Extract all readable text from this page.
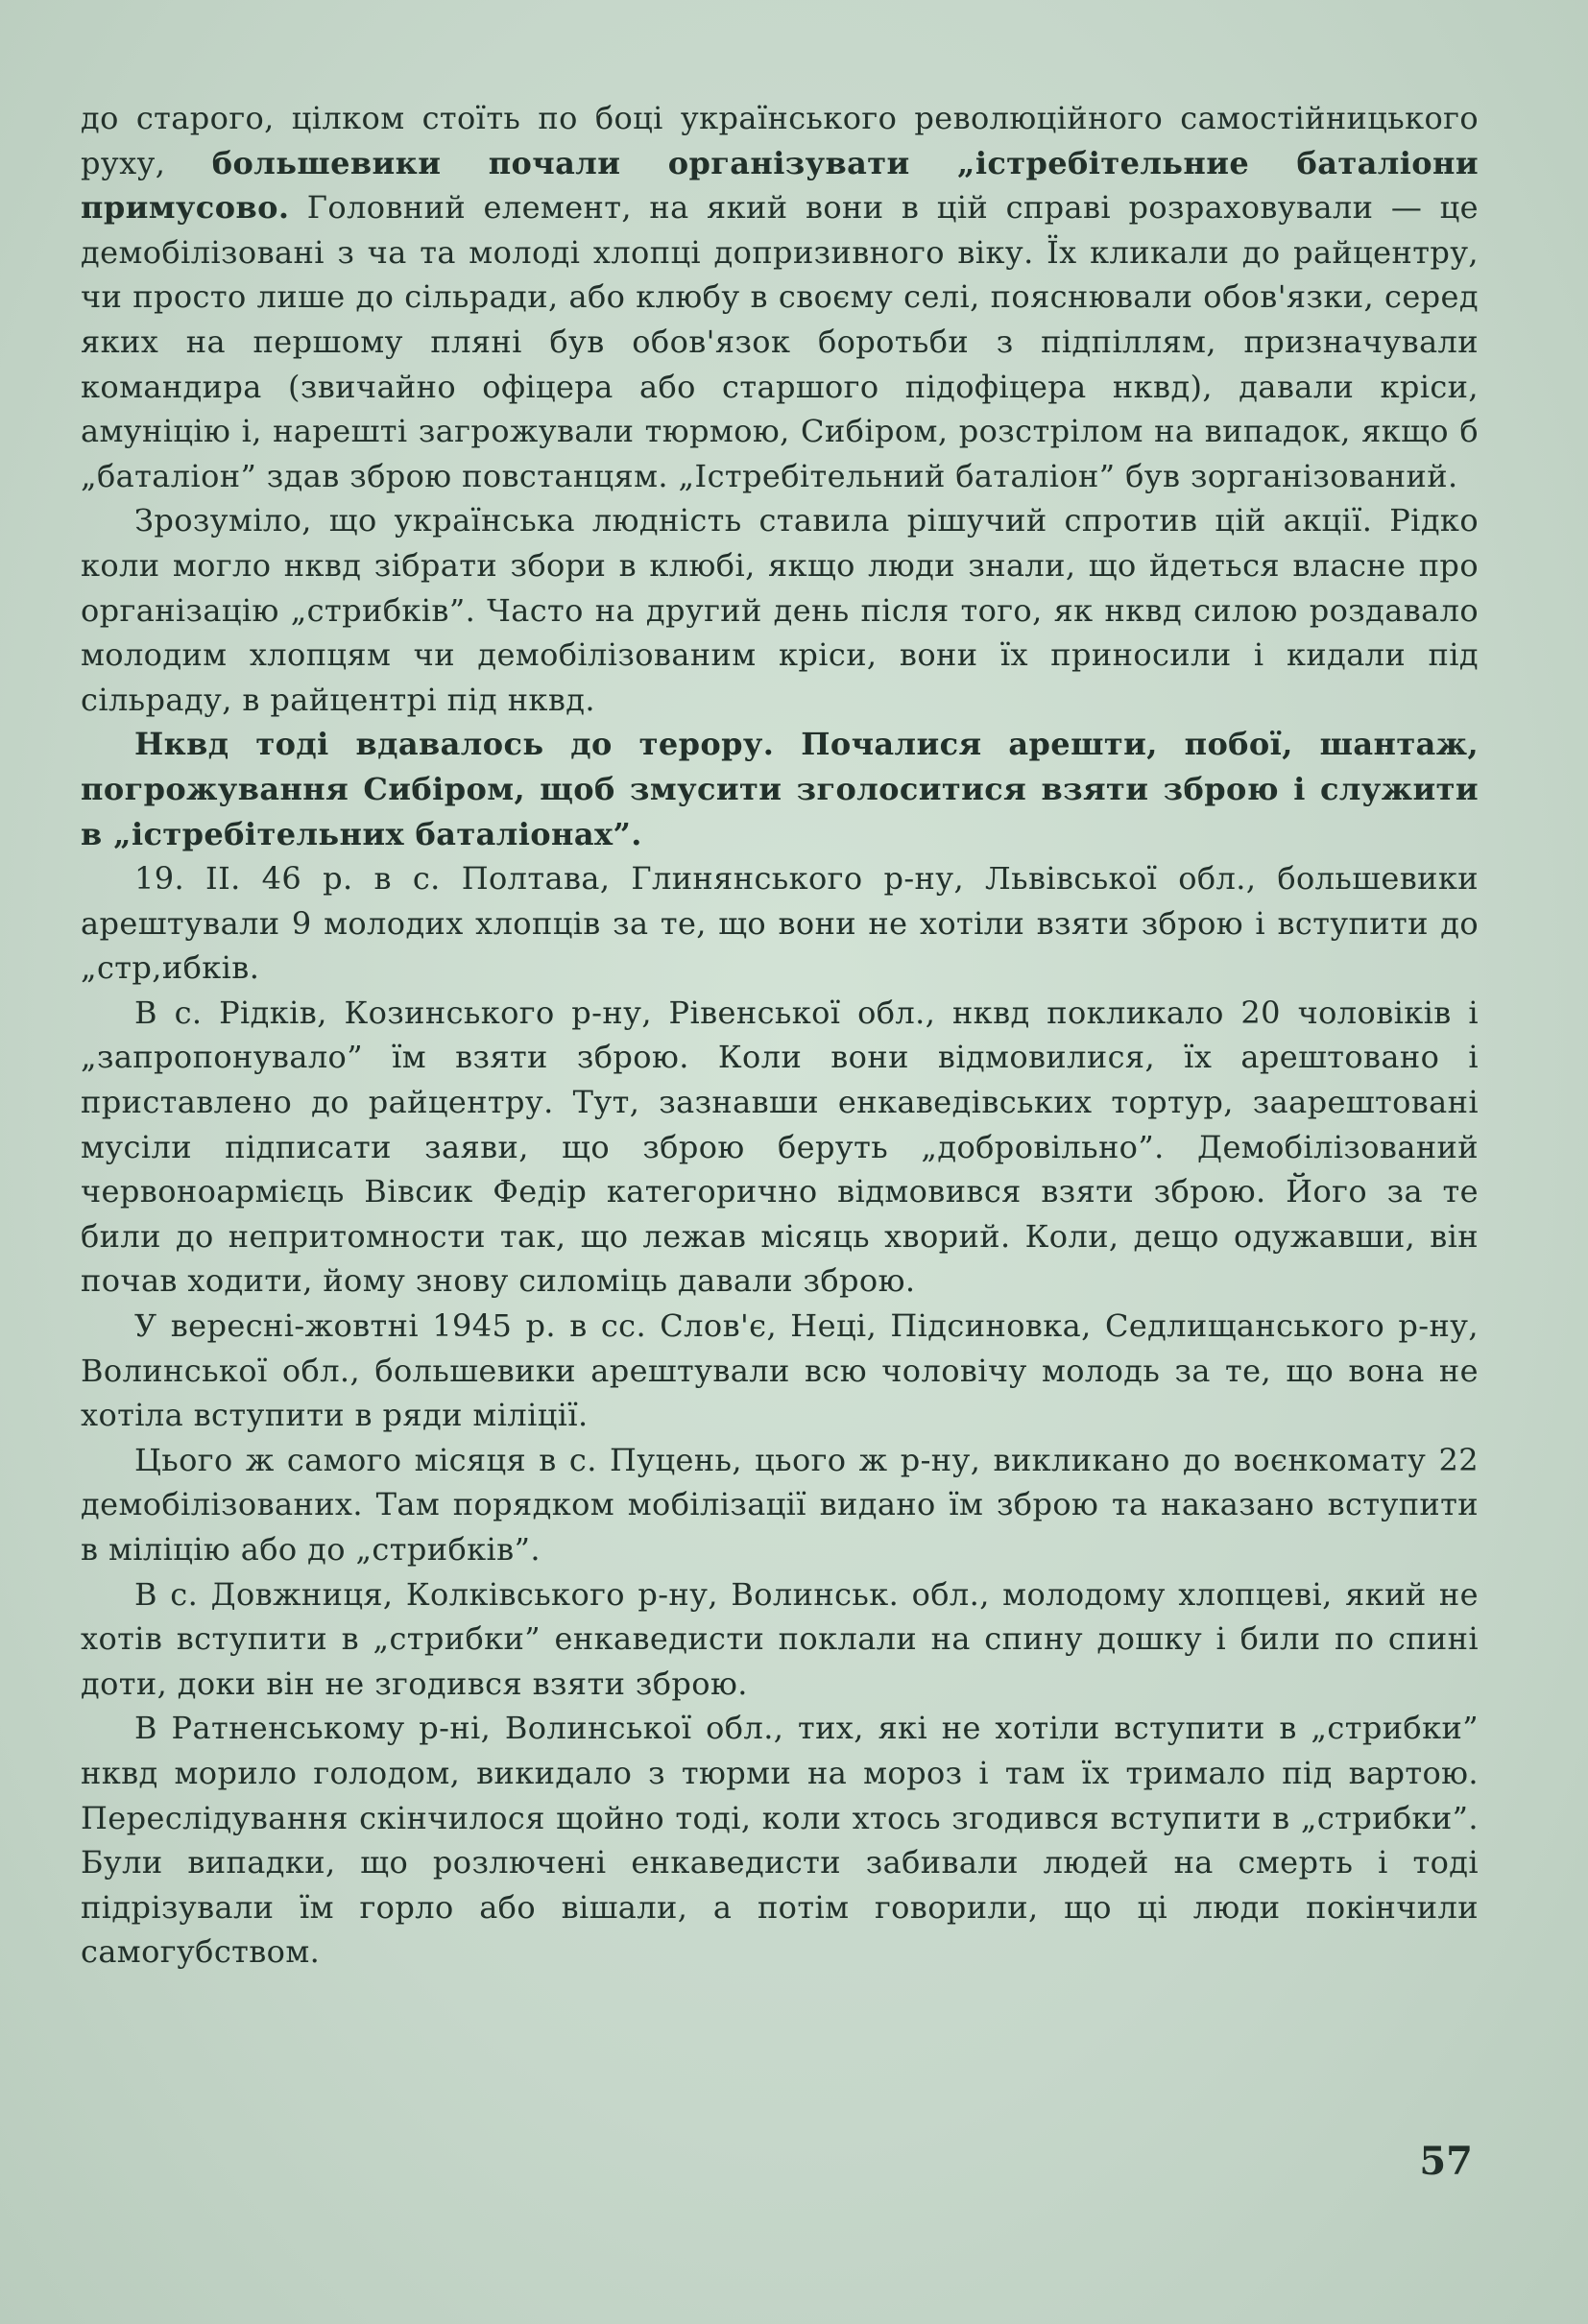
до старого, цілком стоїть по боці українського революційного самостійницького руху, большевики почали організувати „істребітельние баталіони примусово. Головний елемент, на який вони в цій справі розраховували — це демобілізовані з ча та молоді хлопці допризивного віку. Їх кликали до райцентру, чи просто лише до сільради, або клюбу в своєму селі, пояснювали обов'язки, серед яких на першому пляні був обов'язок боротьби з підпіллям, призначували командира (звичайно офіцера або старшого підофіцера нквд), давали кріси, амуніцію і, нарешті загрожували тюрмою, Сибіром, розстрілом на випадок, якщо б „баталіон” здав зброю повстанцям. „Істребітельний баталіон” був зорганізований.

Зрозуміло, що українська людність ставила рішучий спротив цій акції. Рідко коли могло нквд зібрати збори в клюбі, якщо люди знали, що йдеться власне про організацію „стрибків”. Часто на другий день після того, як нквд силою роздавало молодим хлопцям чи демобілізованим кріси, вони їх приносили і кидали під сільраду, в райцентрі під нквд.

Нквд тоді вдавалось до терору. Почалися арешти, побої, шантаж, погрожування Сибіром, щоб змусити зголоситися взяти зброю і служити в „істребітельних баталіонах”.

19. II. 46 р. в с. Полтава, Глинянського р-ну, Львівської обл., большевики арештували 9 молодих хлопців за те, що вони не хотіли взяти зброю і вступити до „стр,ибків.

В с. Рідків, Козинського р-ну, Рівенської обл., нквд покликало 20 чоловіків і „запропонувало” їм взяти зброю. Коли вони відмовилися, їх арештовано і приставлено до райцентру. Тут, зазнавши енкаведівських тортур, заарештовані мусіли підписати заяви, що зброю беруть „добровільно”. Демобілізований червоноармієць Вівсик Федір категорично відмовився взяти зброю. Його за те били до непритомности так, що лежав місяць хворий. Коли, дещо одужавши, він почав ходити, йому знову силоміць давали зброю.

У вересні-жовтні 1945 р. в сс. Слов'є, Неці, Підсиновка, Седлищанського р-ну, Волинської обл., большевики арештували всю чоловічу молодь за те, що вона не хотіла вступити в ряди міліції.

Цього ж самого місяця в с. Пуцень, цього ж р-ну, викликано до воєнкомату 22 демобілізованих. Там порядком мобілізації видано їм зброю та наказано вступити в міліцію або до „стрибків”.

В с. Довжниця, Колківського р-ну, Волинськ. обл., молодому хлопцеві, який не хотів вступити в „стрибки” енкаведисти поклали на спину дошку і били по спині доти, доки він не згодився взяти зброю.

В Ратненському р-ні, Волинської обл., тих, які не хотіли вступити в „стрибки” нквд морило голодом, викидало з тюрми на мороз і там їх тримало під вартою. Переслідування скінчилося щойно тоді, коли хтось згодився вступити в „стрибки”. Були випадки, що розлючені енкаведисти забивали людей на смерть і тоді підрізували їм горло або вішали, а потім говорили, що ці люди покінчили самогубством.

57
